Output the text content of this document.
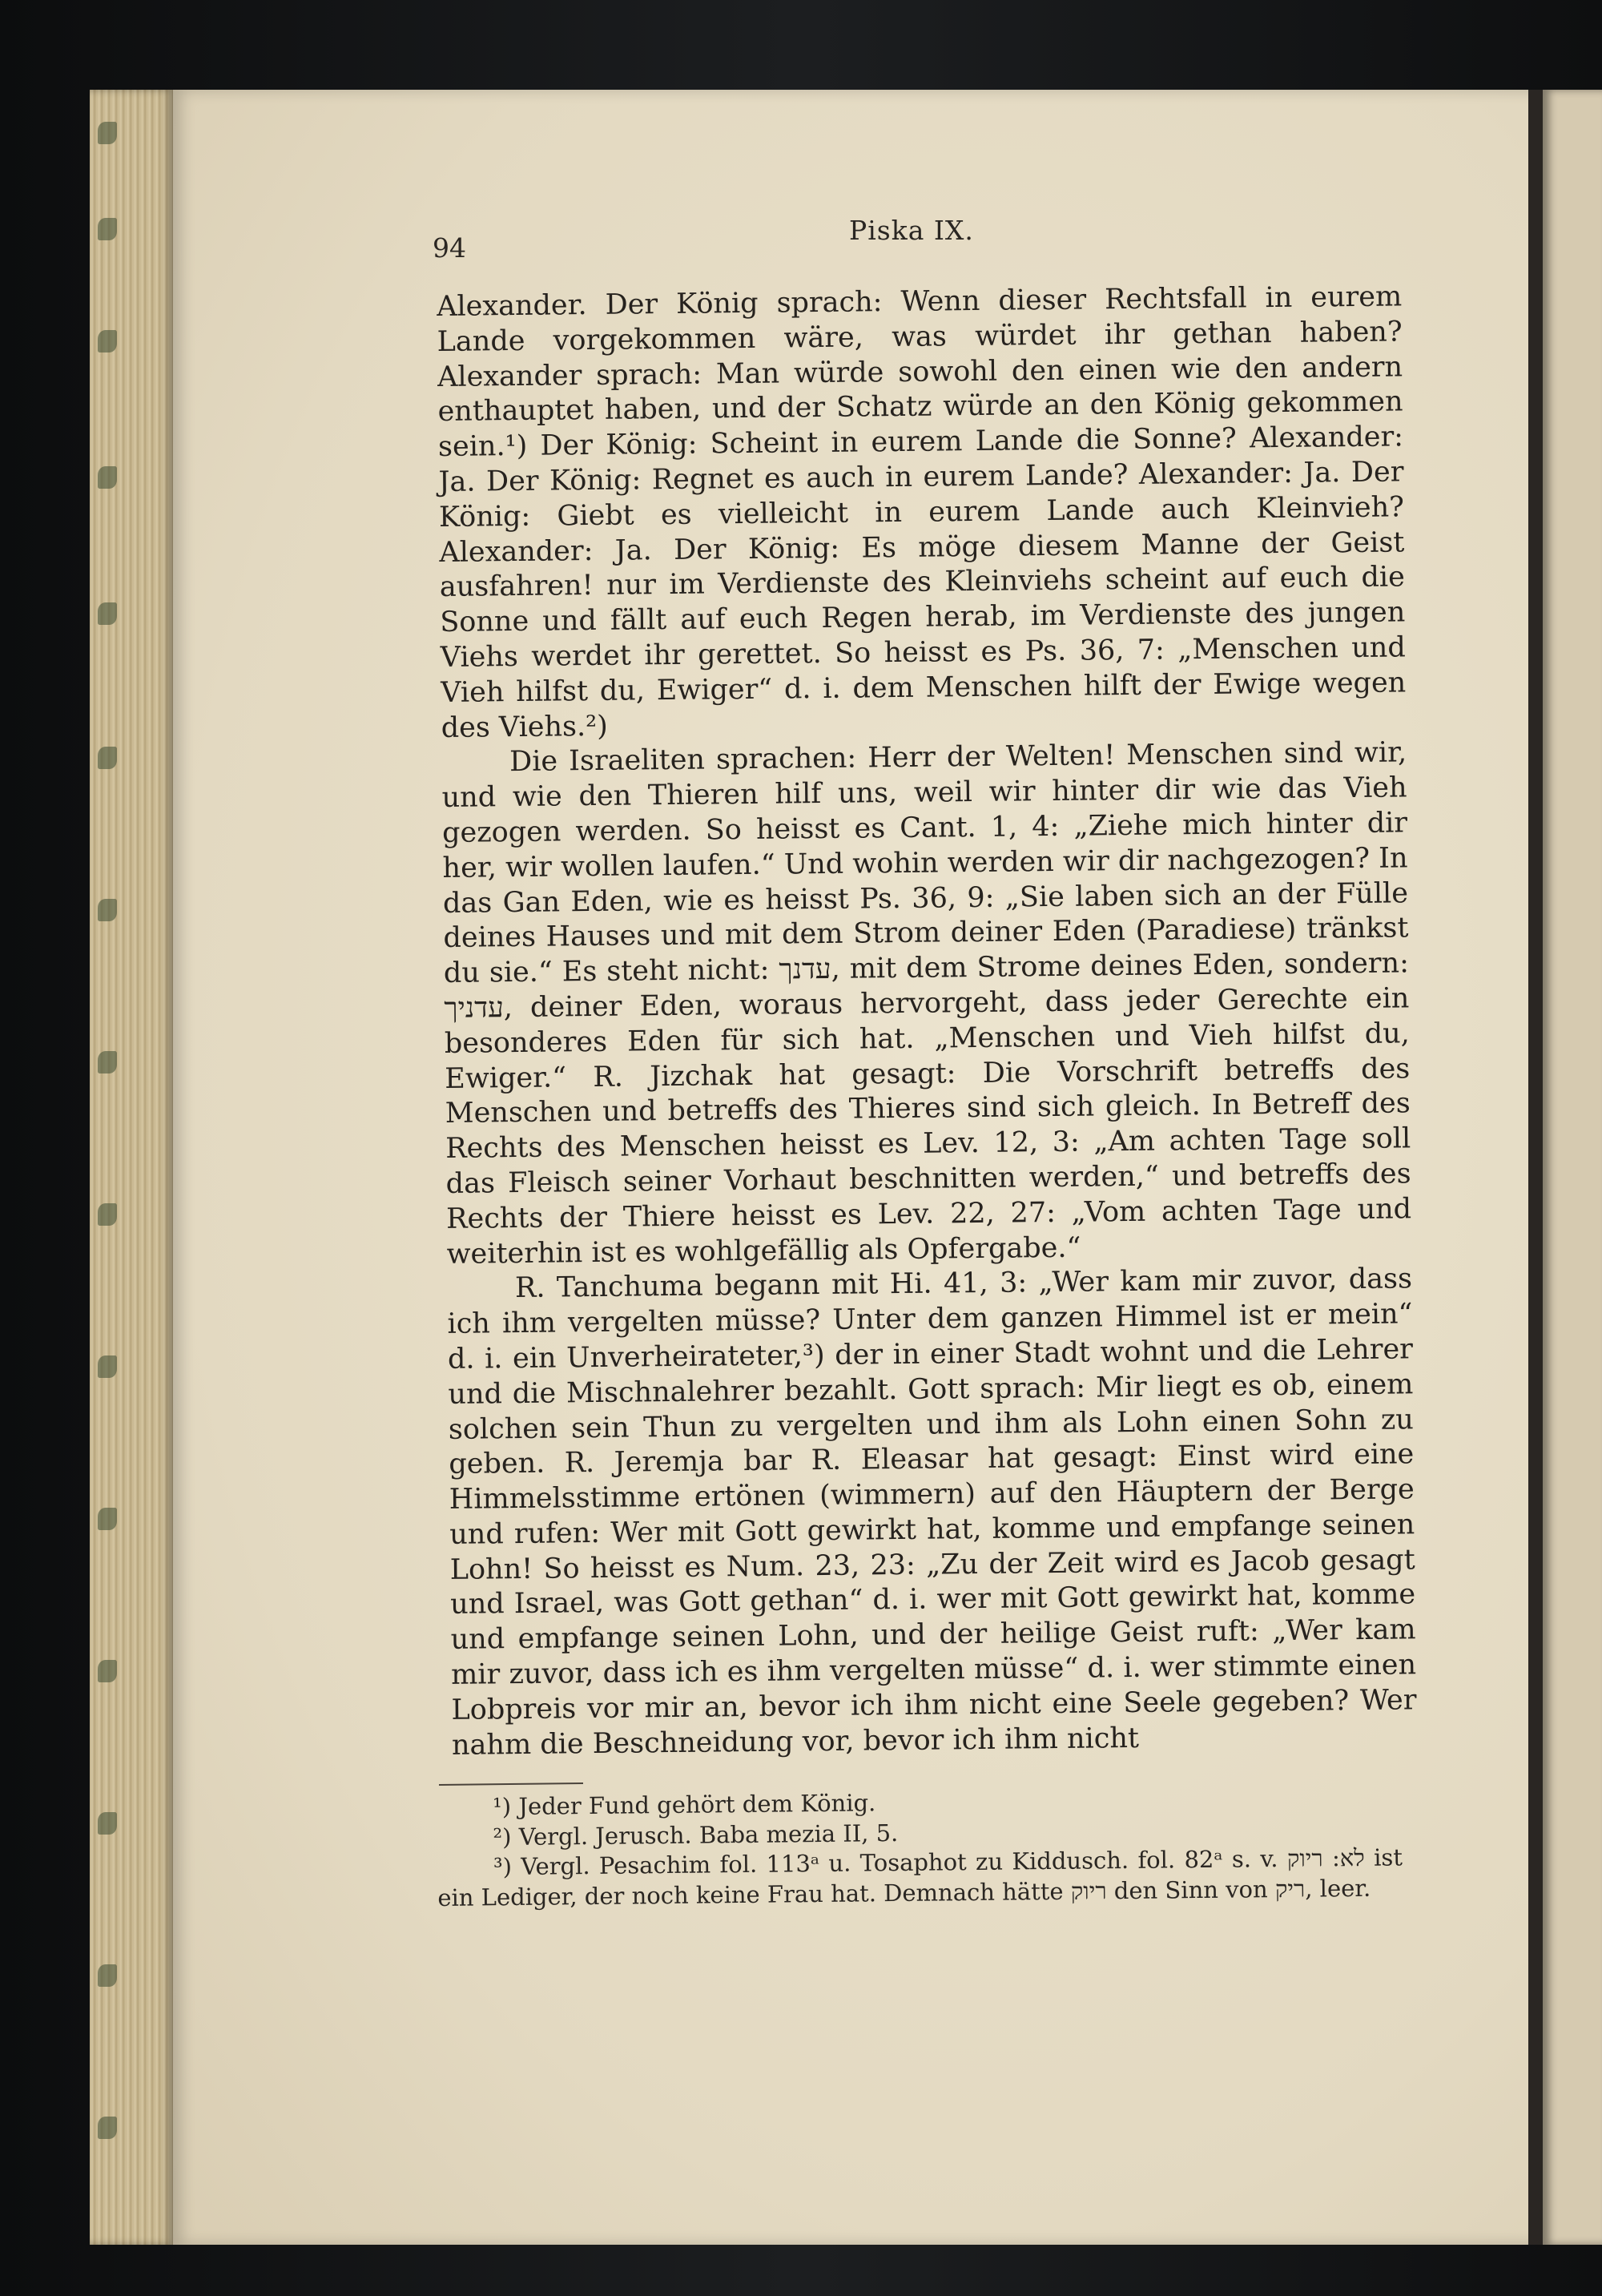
94
Piska IX.

Alexander. Der König sprach: Wenn dieser Rechtsfall in eurem Lande vorgekommen wäre, was würdet ihr gethan haben? Alexander sprach: Man würde sowohl den einen wie den andern enthauptet haben, und der Schatz würde an den König gekommen sein.¹) Der König: Scheint in eurem Lande die Sonne? Alexander: Ja. Der König: Regnet es auch in eurem Lande? Alexander: Ja. Der König: Giebt es vielleicht in eurem Lande auch Kleinvieh? Alexander: Ja. Der König: Es möge diesem Manne der Geist ausfahren! nur im Verdienste des Kleinviehs scheint auf euch die Sonne und fällt auf euch Regen herab, im Verdienste des jungen Viehs werdet ihr gerettet. So heisst es Ps. 36, 7: „Menschen und Vieh hilfst du, Ewiger“ d. i. dem Menschen hilft der Ewige wegen des Viehs.²)

Die Israeliten sprachen: Herr der Welten! Menschen sind wir, und wie den Thieren hilf uns, weil wir hinter dir wie das Vieh gezogen werden. So heisst es Cant. 1, 4: „Ziehe mich hinter dir her, wir wollen laufen.“ Und wohin werden wir dir nachgezogen? In das Gan Eden, wie es heisst Ps. 36, 9: „Sie laben sich an der Fülle deines Hauses und mit dem Strom deiner Eden (Paradiese) tränkst du sie.“ Es steht nicht: עדנך, mit dem Strome deines Eden, sondern: עדניך, deiner Eden, woraus hervorgeht, dass jeder Gerechte ein besonderes Eden für sich hat. „Menschen und Vieh hilfst du, Ewiger.“ R. Jizchak hat gesagt: Die Vorschrift betreffs des Menschen und betreffs des Thieres sind sich gleich. In Betreff des Rechts des Menschen heisst es Lev. 12, 3: „Am achten Tage soll das Fleisch seiner Vorhaut beschnitten werden,“ und betreffs des Rechts der Thiere heisst es Lev. 22, 27: „Vom achten Tage und weiterhin ist es wohlgefällig als Opfergabe.“

R. Tanchuma begann mit Hi. 41, 3: „Wer kam mir zuvor, dass ich ihm vergelten müsse? Unter dem ganzen Himmel ist er mein“ d. i. ein Unverheirateter,³) der in einer Stadt wohnt und die Lehrer und die Mischnalehrer bezahlt. Gott sprach: Mir liegt es ob, einem solchen sein Thun zu vergelten und ihm als Lohn einen Sohn zu geben. R. Jeremja bar R. Eleasar hat gesagt: Einst wird eine Himmelsstimme ertönen (wimmern) auf den Häuptern der Berge und rufen: Wer mit Gott gewirkt hat, komme und empfange seinen Lohn! So heisst es Num. 23, 23: „Zu der Zeit wird es Jacob gesagt und Israel, was Gott gethan“ d. i. wer mit Gott gewirkt hat, komme und empfange seinen Lohn, und der heilige Geist ruft: „Wer kam mir zuvor, dass ich es ihm vergelten müsse“ d. i. wer stimmte einen Lobpreis vor mir an, bevor ich ihm nicht eine Seele gegeben? Wer nahm die Beschneidung vor, bevor ich ihm nicht

¹) Jeder Fund gehört dem König.

²) Vergl. Jerusch. Baba mezia II, 5.

³) Vergl. Pesachim fol. 113ᵃ u. Tosaphot zu Kiddusch. fol. 82ᵃ s. v. לא: ריוק ist ein Lediger, der noch keine Frau hat. Demnach hätte ריוק den Sinn von ריק, leer.
